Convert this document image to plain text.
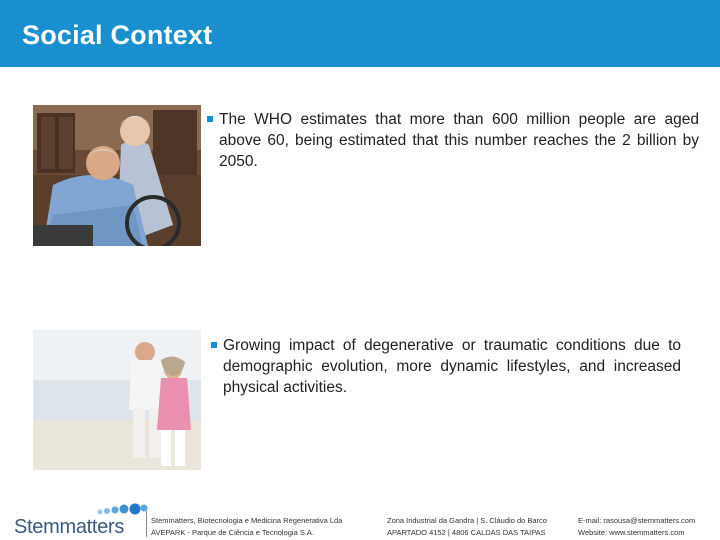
Social Context
The WHO estimates that more than 600 million people are aged above 60, being estimated that this number reaches the 2 billion by 2050.
Growing impact of degenerative or traumatic conditions due to demographic evolution, more dynamic lifestyles, and increased physical activities.
Stemmatters	Stemmatters, Biotecnologia e Medicina Regenerativa Lda
AVEPARK - Parque de Ciência e Tecnologia S.A.
Zona Industrial da Gandra | S. Cláudio do Barco
APARTADO 4152 | 4806 CALDAS DAS TAIPAS
E-mail: rasousa@stemmatters.com
Website: www.stemmatters.com
